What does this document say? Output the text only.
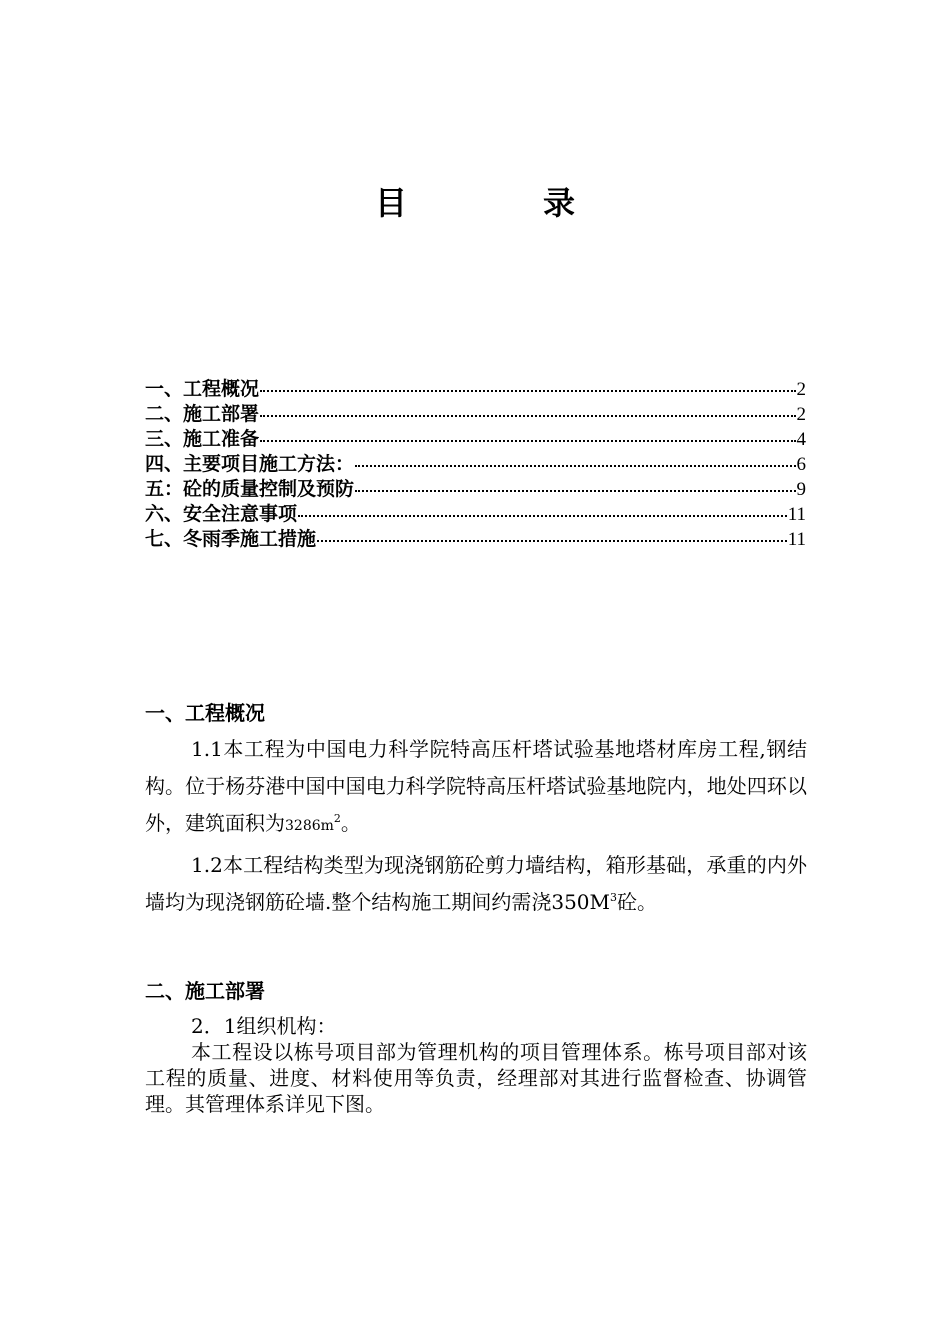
目	录
一、工程概况	2
二、施工部署	2
三、施工准备	4
四、主要项目施工方法：	6
五：砼的质量控制及预防	9
六、安全注意事项	11
七、冬雨季施工措施	11
一、工程概况
1.1本工程为中国电力科学院特高压杆塔试验基地塔材库房工程,钢结构。位于杨芬港中国中国电力科学院特高压杆塔试验基地院内，地处四环以外，建筑面积为$3286m^2$。
1.2本工程结构类型为现浇钢筋砼剪力墙结构，箱形基础，承重的内外墙均为现浇钢筋砼墙.整个结构施工期间约需浇$350M^3$砼。
二、施工部署
2．1组织机构：
本工程设以栋号项目部为管理机构的项目管理体系。栋号项目部对该工程的质量、进度、材料使用等负责，经理部对其进行监督检查、协调管理。其管理体系详见下图。
